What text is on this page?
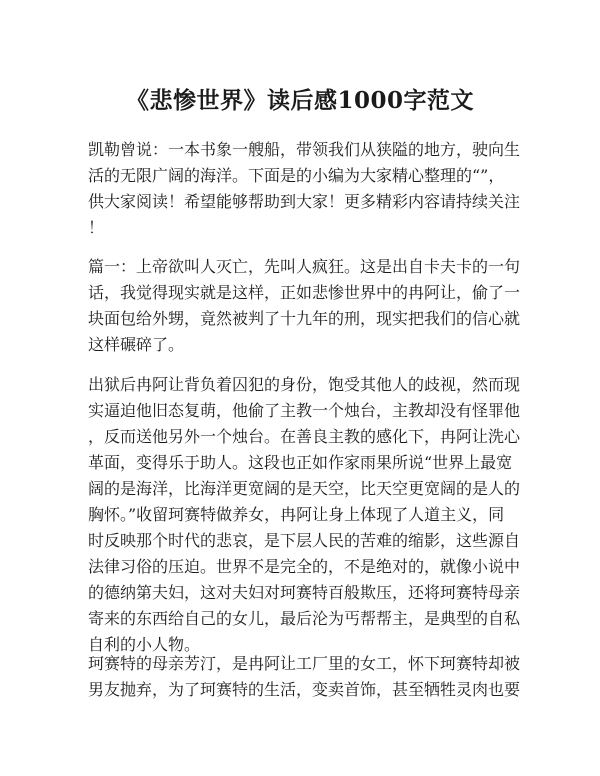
《悲惨世界》读后感1000字范文

凯勒曾说：一本书象一艘船，带领我们从狭隘的地方，驶向生
活的无限广阔的海洋。下面是的小编为大家精心整理的“”，
供大家阅读！希望能够帮助到大家！更多精彩内容请持续关注
！

篇一：上帝欲叫人灭亡，先叫人疯狂。这是出自卡夫卡的一句
话，我觉得现实就是这样，正如悲惨世界中的冉阿让，偷了一
块面包给外甥，竟然被判了十九年的刑，现实把我们的信心就
这样碾碎了。

出狱后冉阿让背负着囚犯的身份，饱受其他人的歧视，然而现
实逼迫他旧态复萌，他偷了主教一个烛台，主教却没有怪罪他
，反而送他另外一个烛台。在善良主教的感化下，冉阿让洗心
革面，变得乐于助人。这段也正如作家雨果所说“世界上最宽
阔的是海洋，比海洋更宽阔的是天空，比天空更宽阔的是人的
胸怀。”收留珂赛特做养女，冉阿让身上体现了人道主义，同
时反映那个时代的悲哀，是下层人民的苦难的缩影，这些源自
法律习俗的压迫。世界不是完全的，不是绝对的，就像小说中
的德纳第夫妇，这对夫妇对珂赛特百般欺压，还将珂赛特母亲
寄来的东西给自己的女儿，最后沦为丐帮帮主，是典型的自私
自利的小人物。

珂赛特的母亲芳汀，是冉阿让工厂里的女工，怀下珂赛特却被
男友抛弃，为了珂赛特的生活，变卖首饰，甚至牺牲灵肉也要
